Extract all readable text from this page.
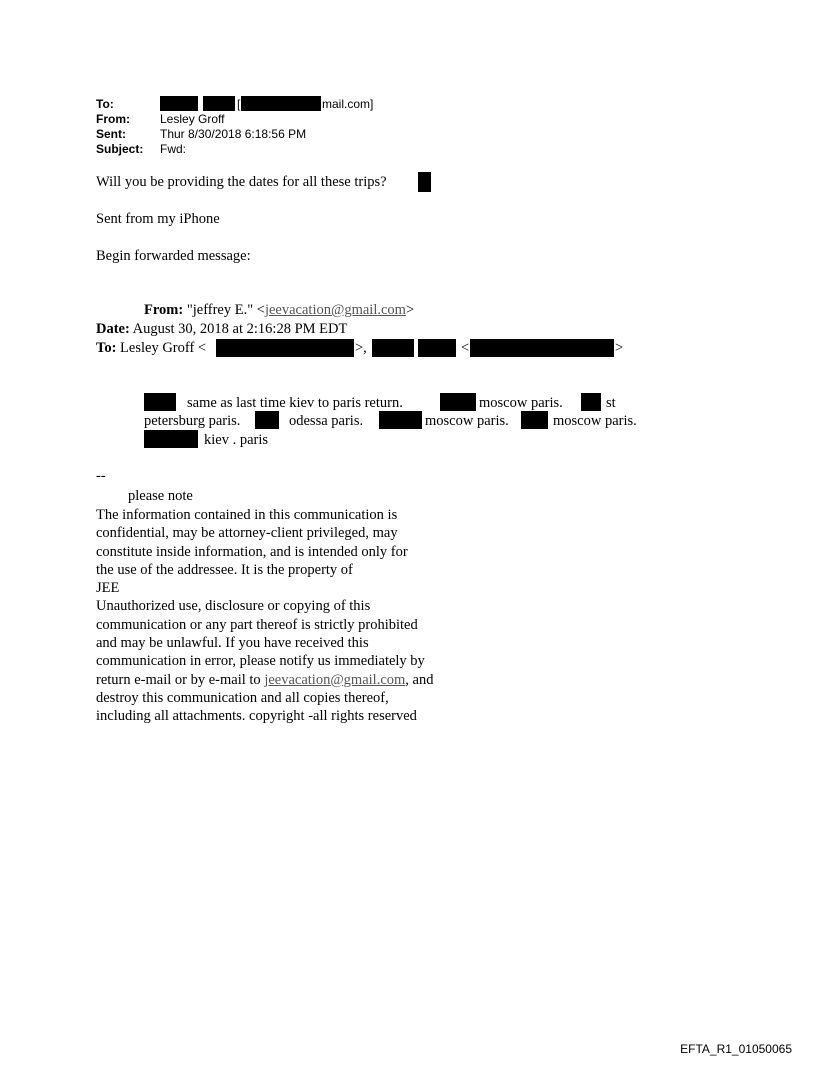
To:	[	mail.com]
From:	Lesley Groff
Sent:	Thur 8/30/2018 6:18:56 PM
Subject: Fwd:
Will you be providing the dates for all these trips?
Sent from my iPhone
Begin forwarded message:
From: "jeffrey E." <jeevacation@gmail.com>
Date: August 30, 2018 at 2:16:28 PM EDT
To: Lesley Groff <	>,	<	>
same as last time kiev to paris return.	moscow paris.	st
petersburg paris.	odessa paris.	moscow paris.	moscow paris.
kiev . paris
--
please note
The information contained in this communication is
confidential, may be attorney-client privileged, may
constitute inside information, and is intended only for
the use of the addressee. It is the property of
JEE
Unauthorized use, disclosure or copying of this
communication or any part thereof is strictly prohibited
and may be unlawful. If you have received this
communication in error, please notify us immediately by
return e-mail or by e-mail to jeevacation@gmail.com, and
destroy this communication and all copies thereof,
including all attachments. copyright -all rights reserved
EFTA_R1_01050065
